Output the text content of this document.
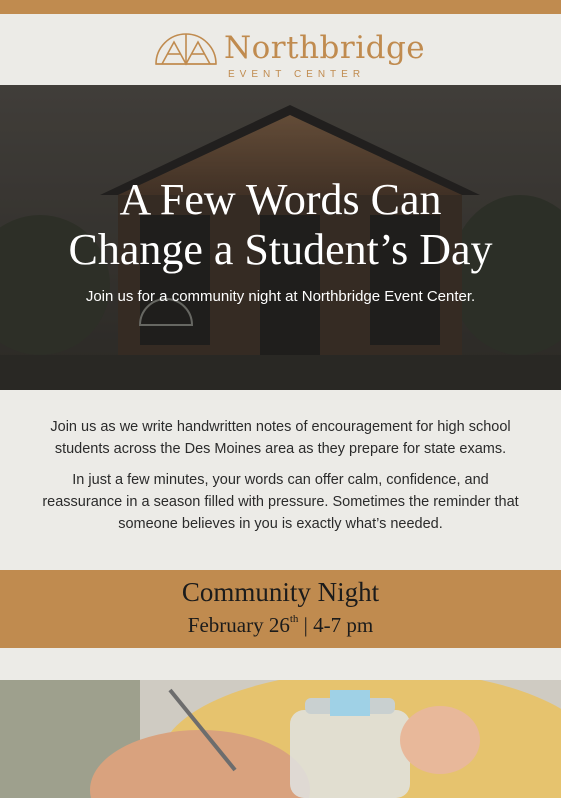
Northbridge
EVENT CENTER
A Few Words Can
Change a Student’s Day
Join us for a community night at Northbridge Event Center.

Join us as we write handwritten notes of encouragement for high school
students across the Des Moines area as they prepare for state exams.

In just a few minutes, your words can offer calm, confidence, and
reassurance in a season filled with pressure. Sometimes the reminder that
someone believes in you is exactly what’s needed.

Community Night
February 26th | 4-7 pm
